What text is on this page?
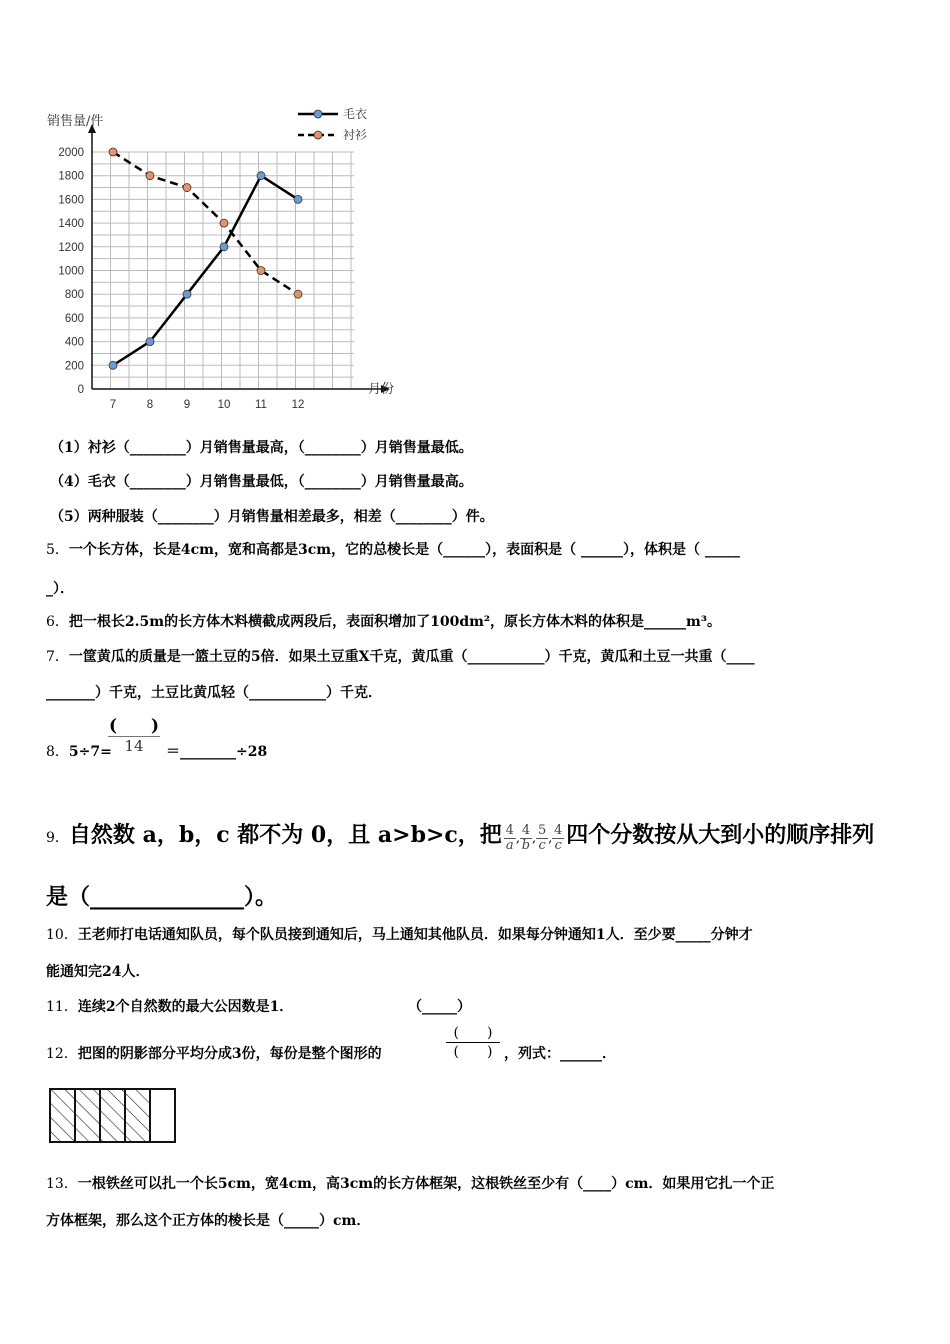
0
200
400
600
800
1000
1200
1400
1600
1800
2000
7	8	9 10 11 12
毛衣
衬衫
销售量/件
月份
（1）衬衫（________）月销售量最高，（________）月销售量最低。
（4）毛衣（________）月销售量最低，（________）月销售量最高。
（5）两种服装（________）月销售量相差最多，相差（________）件。
5．一个长方体，长是4cm，宽和高都是3cm，它的总棱长是（______），表面积是（ ______），体积是（ _____
_）．
6．把一根长2.5m的长方体木料横截成两段后，表面积增加了100dm²，原长方体木料的体积是______m³。
7．一筐黄瓜的质量是一篮土豆的5倍．如果土豆重X千克，黄瓜重（___________）千克，黄瓜和土豆一共重（____
_______）千克，土豆比黄瓜轻（___________）千克．
8．5÷7=
(　　)
14 ＝________÷28
9．自然数 a，b，c 都不为 0，且 a>b>c，把 $\frac{4}{a}$ , $\frac{4}{b}$ , $\frac{5}{c}$ , $\frac{4}{c}$ 四个分数按从大到小的顺序排列
是（______________）。
10．王老师打电话通知队员，每个队员接到通知后，马上通知其他队员．如果每分钟通知1人．至少要_____分钟才
能通知完24人．
11．连续2个自然数的最大公因数是1．	（_____）
12．把图的阴影部分平均分成3份，每份是整个图形的
(　　)
(　　) ，列式：______．
13．一根铁丝可以扎一个长5cm，宽4cm，高3cm的长方体框架，这根铁丝至少有（____）cm．如果用它扎一个正
方体框架，那么这个正方体的棱长是（_____）cm．
